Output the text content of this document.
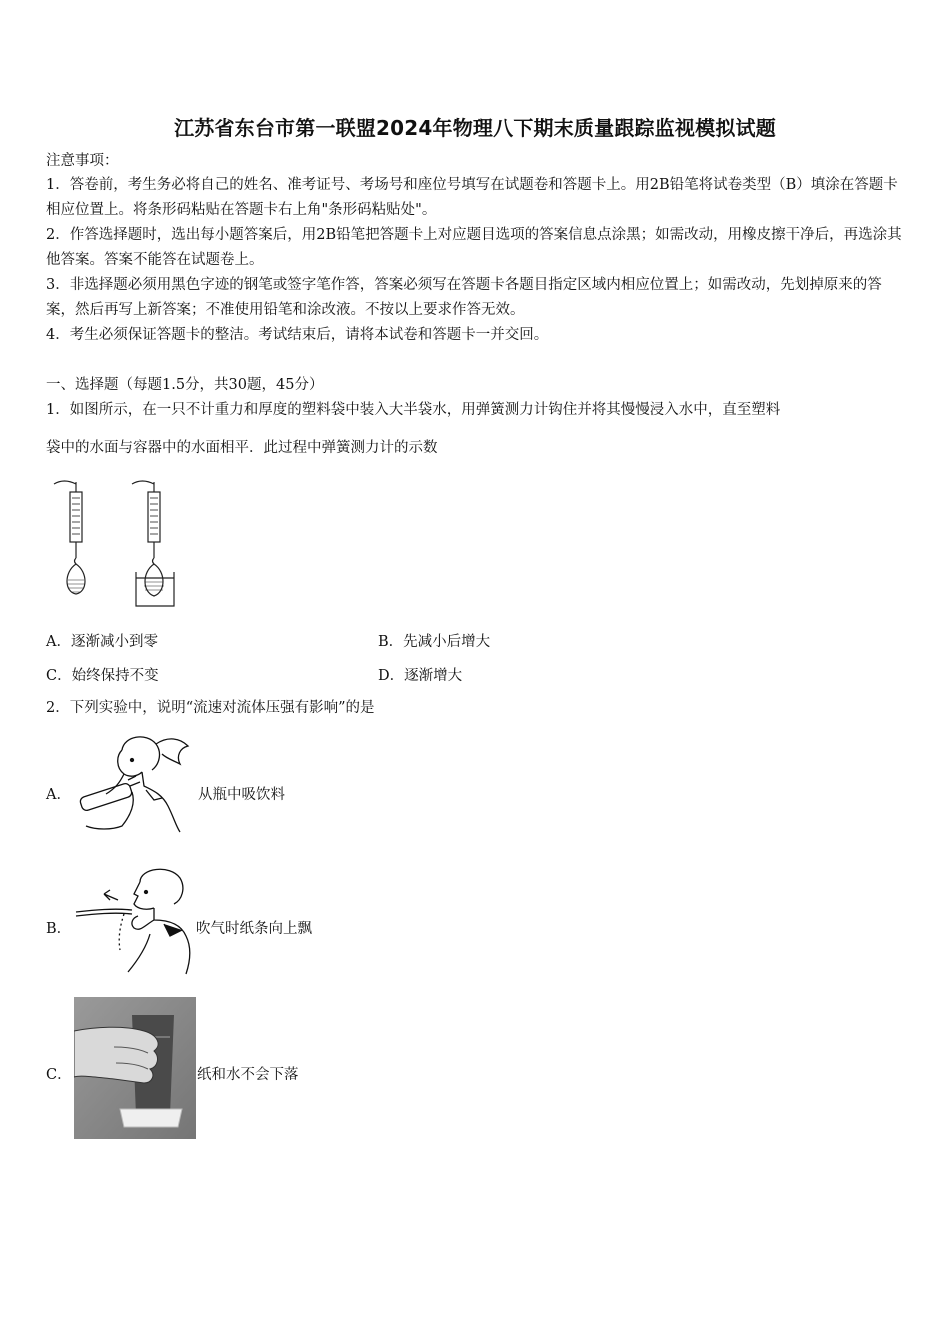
江苏省东台市第一联盟2024年物理八下期末质量跟踪监视模拟试题
注意事项：
1．答卷前，考生务必将自己的姓名、准考证号、考场号和座位号填写在试题卷和答题卡上。用2B铅笔将试卷类型（B）填涂在答题卡相应位置上。将条形码粘贴在答题卡右上角"条形码粘贴处"。
2．作答选择题时，选出每小题答案后，用2B铅笔把答题卡上对应题目选项的答案信息点涂黑；如需改动，用橡皮擦干净后，再选涂其他答案。答案不能答在试题卷上。
3．非选择题必须用黑色字迹的钢笔或签字笔作答，答案必须写在答题卡各题目指定区域内相应位置上；如需改动，先划掉原来的答案，然后再写上新答案；不准使用铅笔和涂改液。不按以上要求作答无效。
4．考生必须保证答题卡的整洁。考试结束后，请将本试卷和答题卡一并交回。
一、选择题（每题1.5分，共30题，45分）
1．如图所示，在一只不计重力和厚度的塑料袋中装入大半袋水，用弹簧测力计钩住并将其慢慢浸入水中，直至塑料
袋中的水面与容器中的水面相平．此过程中弹簧测力计的示数
A．逐渐减小到零	B．先减小后增大
C．始终保持不变	D．逐渐增大
2．下列实验中，说明“流速对流体压强有影响”的是
A．	从瓶中吸饮料
B．	吹气时纸条向上飘
C．	纸和水不会下落
